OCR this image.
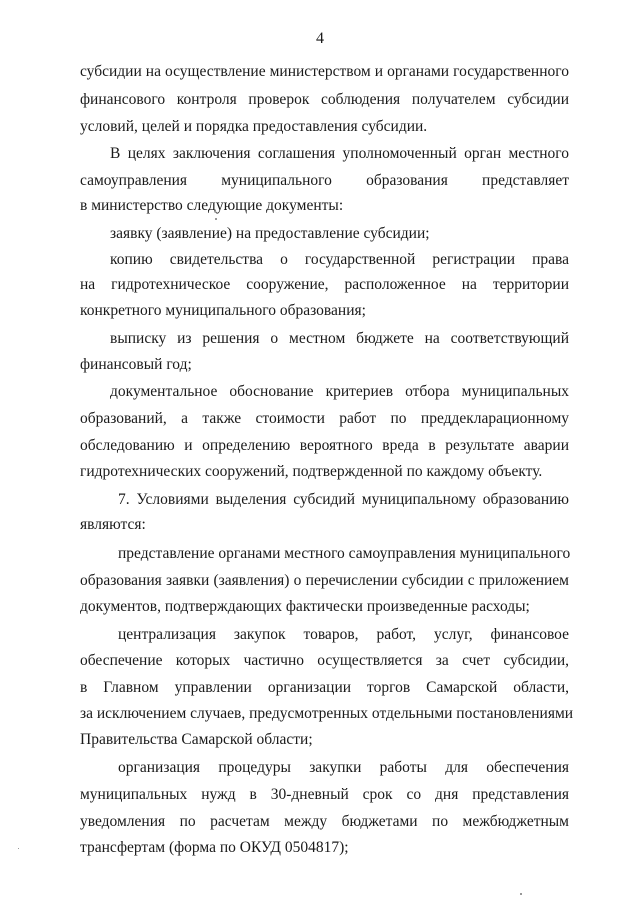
4
субсидии на осуществление министерством и органами государственного
финансового контроля проверок соблюдения получателем субсидии
условий, целей и порядка предоставления субсидии.
В целях заключения соглашения уполномоченный орган местного
самоуправления муниципального образования представляет
в министерство следующие документы:
заявку (заявление) на предоставление субсидии;
копию свидетельства о государственной регистрации права
на гидротехническое сооружение, расположенное на территории
конкретного муниципального образования;
выписку из решения о местном бюджете на соответствующий
финансовый год;
документальное обоснование критериев отбора муниципальных
образований, а также стоимости работ по преддекларационному
обследованию и определению вероятного вреда в результате аварии
гидротехнических сооружений, подтвержденной по каждому объекту.
7. Условиями выделения субсидий муниципальному образованию
являются:
представление органами местного самоуправления муниципального
образования заявки (заявления) о перечислении субсидии с приложением
документов, подтверждающих фактически произведенные расходы;
централизация закупок товаров, работ, услуг, финансовое
обеспечение которых частично осуществляется за счет субсидии,
в Главном управлении организации торгов Самарской области,
за исключением случаев, предусмотренных отдельными постановлениями
Правительства Самарской области;
организация процедуры закупки работы для обеспечения
муниципальных нужд в 30-дневный срок со дня представления
уведомления по расчетам между бюджетами по межбюджетным
трансфертам (форма по ОКУД 0504817);
